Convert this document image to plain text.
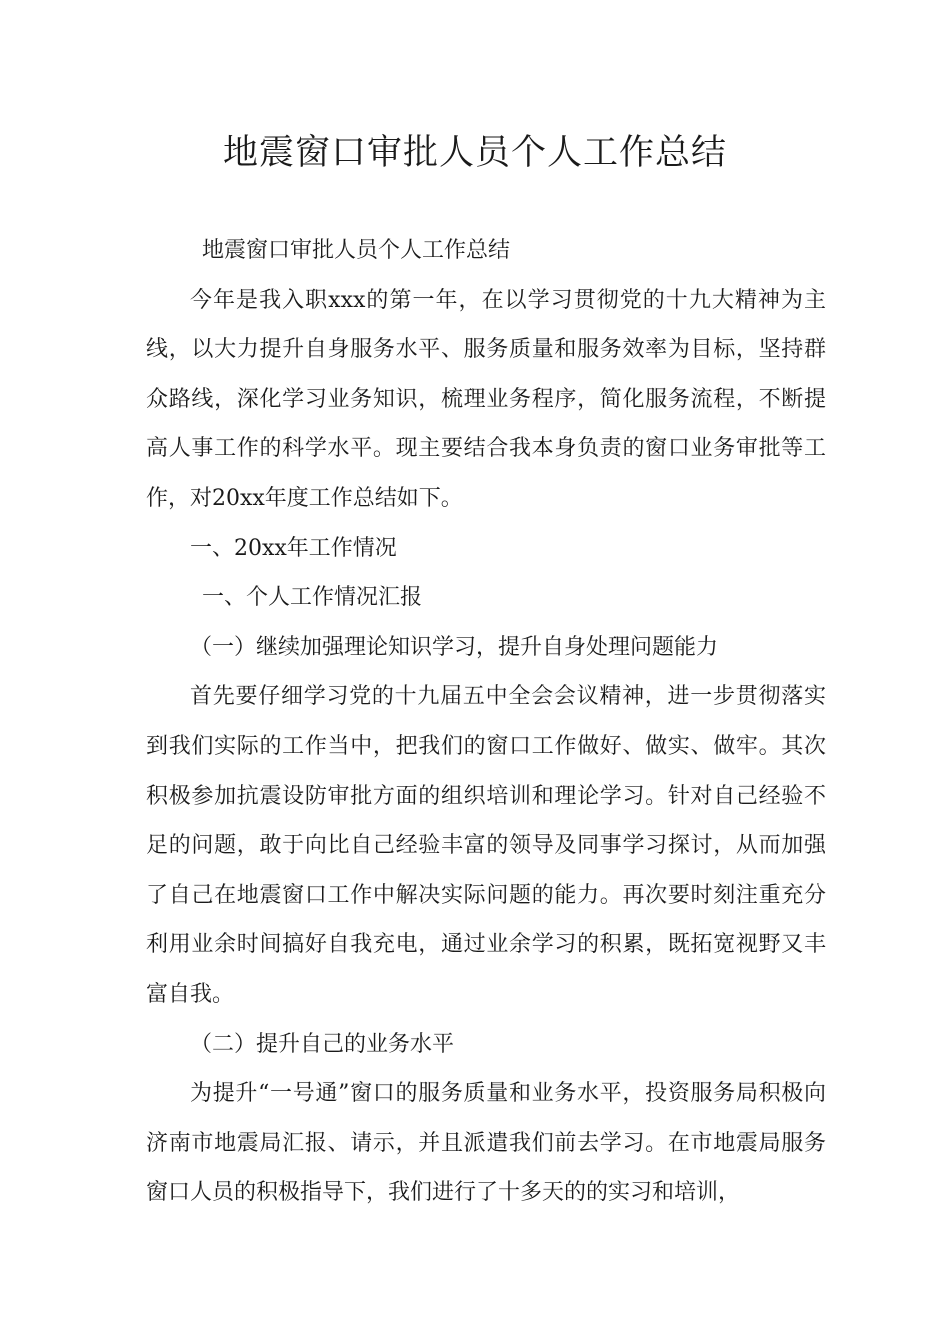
地震窗口审批人员个人工作总结

地震窗口审批人员个人工作总结

今年是我入职xxx的第一年，在以学习贯彻党的十九大精神为主线，以大力提升自身服务水平、服务质量和服务效率为目标，坚持群众路线，深化学习业务知识，梳理业务程序，简化服务流程，不断提高人事工作的科学水平。现主要结合我本身负责的窗口业务审批等工作，对20xx年度工作总结如下。

一、20xx年工作情况

一、个人工作情况汇报

（一）继续加强理论知识学习，提升自身处理问题能力

首先要仔细学习党的十九届五中全会会议精神，进一步贯彻落实到我们实际的工作当中，把我们的窗口工作做好、做实、做牢。其次积极参加抗震设防审批方面的组织培训和理论学习。针对自己经验不足的问题，敢于向比自己经验丰富的领导及同事学习探讨，从而加强了自己在地震窗口工作中解决实际问题的能力。再次要时刻注重充分利用业余时间搞好自我充电，通过业余学习的积累，既拓宽视野又丰富自我。

（二）提升自己的业务水平

为提升“一号通”窗口的服务质量和业务水平，投资服务局积极向济南市地震局汇报、请示，并且派遣我们前去学习。在市地震局服务窗口人员的积极指导下，我们进行了十多天的的实习和培训，
